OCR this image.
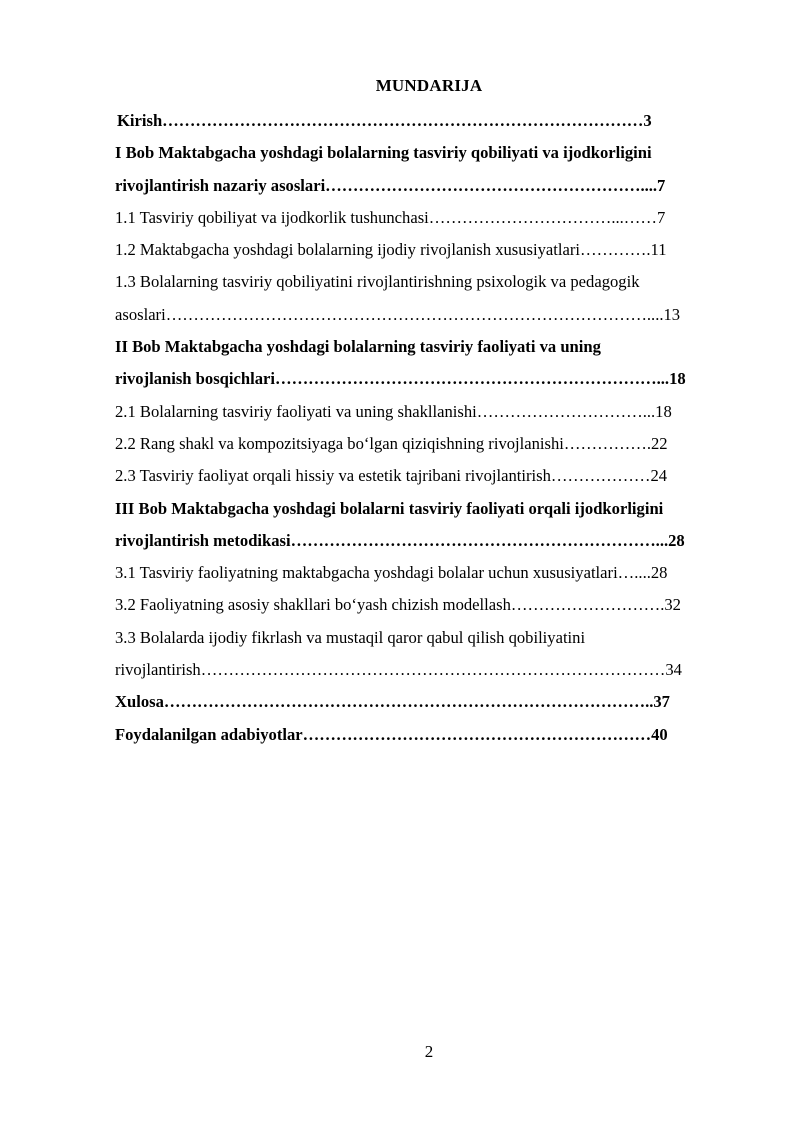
MUNDARIJA
Kirish……………………………………………………………………………3
I Bob Maktabgacha yoshdagi bolalarning tasviriy qobiliyati va ijodkorligini
rivojlantirish nazariy asoslari…………………………………………………....7
1.1 Tasviriy qobiliyat va ijodkorlik tushunchasi……………………………...……7
1.2 Maktabgacha yoshdagi bolalarning ijodiy rivojlanish xususiyatlari………….11
1.3 Bolalarning tasviriy qobiliyatini rivojlantirishning psixologik va pedagogik
asoslari……………………………………………………………………………....13
II Bob Maktabgacha yoshdagi bolalarning tasviriy faoliyati va uning
rivojlanish bosqichlari……………………………………………………………...18
2.1 Bolalarning tasviriy faoliyati va uning shakllanishi…………………………...18
2.2 Rang shakl va kompozitsiyaga bo‘lgan qiziqishning rivojlanishi…………….22
2.3 Tasviriy faoliyat orqali hissiy va estetik tajribani rivojlantirish………………24
III Bob Maktabgacha yoshdagi bolalarni tasviriy faoliyati orqali ijodkorligini
rivojlantirish metodikasi…………………………………………………………...28
3.1 Tasviriy faoliyatning maktabgacha yoshdagi bolalar uchun xususiyatlari…....28
3.2 Faoliyatning asosiy shakllari bo‘yash chizish modellash……………………….32
3.3 Bolalarda ijodiy fikrlash va mustaqil qaror qabul qilish qobiliyatini
rivojlantirish…………………………………………………………………………34
Xulosa……………………………………………………………………………..37
Foydalanilgan adabiyotlar………………………………………………………40
2
